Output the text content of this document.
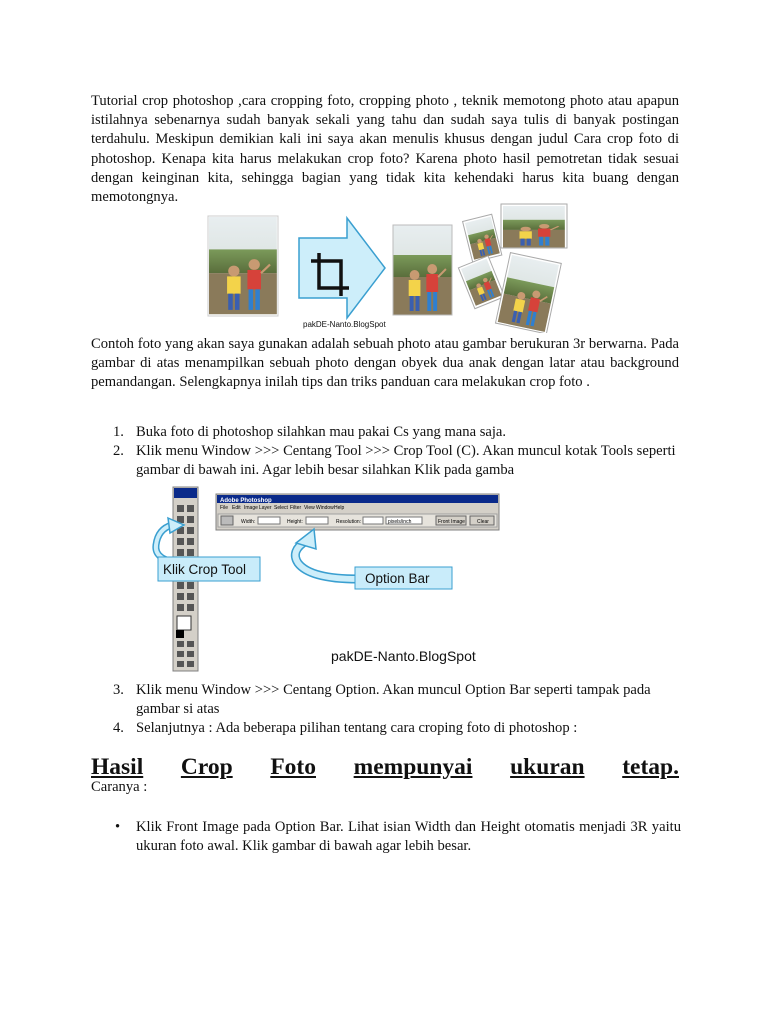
Tutorial crop photoshop ,cara cropping foto, cropping photo , teknik memotong photo atau apapun istilahnya sebenarnya sudah banyak sekali yang tahu dan sudah saya tulis di banyak postingan terdahulu. Meskipun demikian kali ini saya akan menulis khusus dengan judul Cara crop foto di photoshop. Kenapa kita harus melakukan crop foto? Karena photo hasil pemotretan tidak sesuai dengan keinginan kita, sehingga bagian yang tidak kita kehendaki harus kita buang dengan memotongnya.

pakDE-Nanto.BlogSpot

Contoh foto yang akan saya gunakan adalah sebuah photo atau gambar berukuran 3r berwarna. Pada gambar di atas menampilkan sebuah photo dengan obyek dua anak dengan latar atau background pemandangan. Selengkapnya inilah tips dan triks panduan cara melakukan crop foto .

1. Buka foto di photoshop silahkan mau pakai Cs yang mana saja.
2. Klik menu Window >>> Centang Tool >>> Crop Tool (C). Akan muncul kotak Tools seperti gambar di bawah ini. Agar lebih besar silahkan Klik pada gamba
Adobe Photoshop
File Edit Image Layer Select Filter View Window Help
Width:	Height:	Resolution:	pixels/inch	Front Image Clear
Klik Crop Tool
Option Bar
pakDE-Nanto.BlogSpot
3. Klik menu Window >>> Centang Option. Akan muncul Option Bar seperti tampak pada gambar si atas
4. Selanjutnya : Ada beberapa pilihan tentang cara croping foto di photoshop :
Hasil Crop Foto mempunyai ukuran tetap.
Caranya :
• Klik Front Image pada Option Bar. Lihat isian Width dan Height otomatis menjadi 3R yaitu ukuran foto awal. Klik gambar di bawah agar lebih besar.
